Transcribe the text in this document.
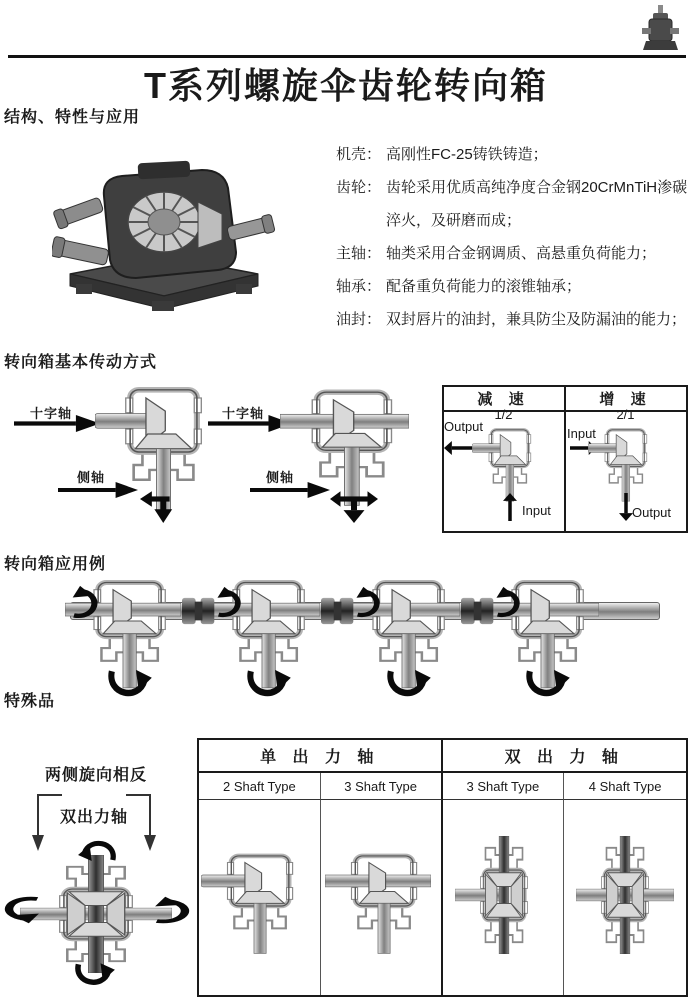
T系列螺旋伞齿轮转向箱
结构、特性与应用
机壳： 高刚性FC-25铸铁铸造；
齿轮： 齿轮采用优质高纯净度合金钢20CrMnTiH渗碳淬火，及研磨而成；
主轴： 轴类采用合金钢调质、高悬重负荷能力；
轴承： 配备重负荷能力的滚锥轴承；
油封： 双封唇片的油封，兼具防尘及防漏油的能力；
转向箱基本传动方式
十字轴
侧轴
十字轴
侧轴
减 速	增 速
1/2	2/1
Output
Input
Input
Output
转向箱应用例
特殊品
两侧旋向相反
双出力轴
单 出 力 轴	双 出 力 轴
2 Shaft Type	3 Shaft Type	3 Shaft Type	4 Shaft Type
